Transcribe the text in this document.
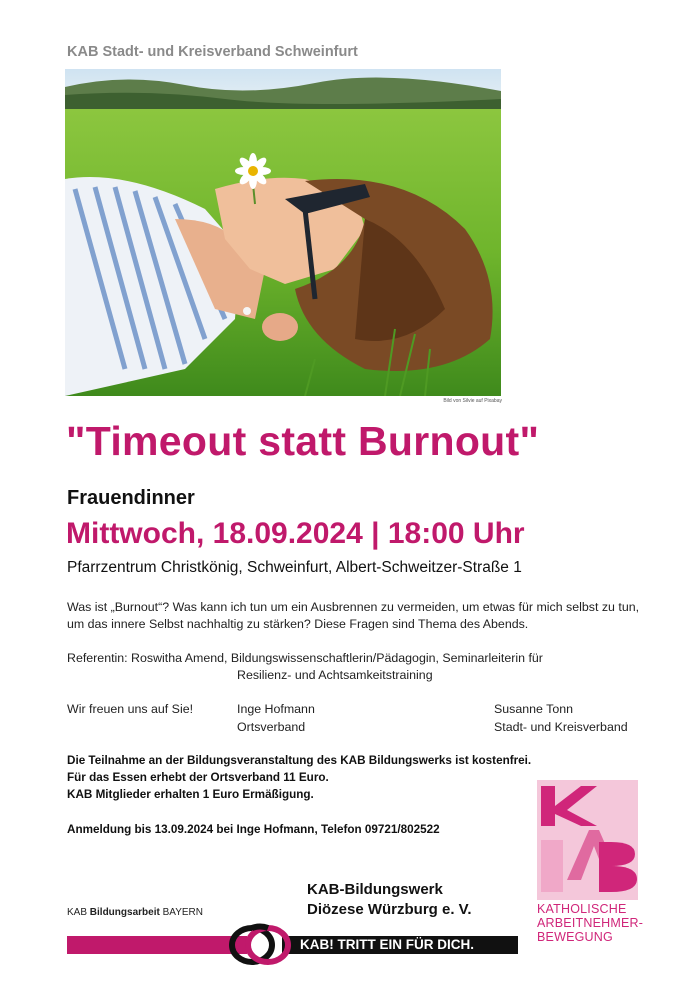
KAB Stadt- und Kreisverband Schweinfurt
Bild von Silvie auf Pixabay
"Timeout statt Burnout"
Frauendinner
Mittwoch, 18.09.2024 | 18:00 Uhr
Pfarrzentrum Christkönig, Schweinfurt, Albert-Schweitzer-Straße 1
Was ist „Burnout“? Was kann ich tun um ein Ausbrennen zu vermeiden, um etwas für mich selbst zu tun, um das innere Selbst nachhaltig zu stärken? Diese Fragen sind Thema des Abends.
Referentin: Roswitha Amend, Bildungswissenschaftlerin/Pädagogin, Seminarleiterin für
Resilienz- und Achtsamkeitstraining
Wir freuen uns auf Sie!	Inge Hofmann
Ortsverband
Susanne Tonn
Stadt- und Kreisverband
Die Teilnahme an der Bildungsveranstaltung des KAB Bildungswerks ist kostenfrei.
Für das Essen erhebt der Ortsverband 11 Euro.
KAB Mitglieder erhalten 1 Euro Ermäßigung.
Anmeldung bis 13.09.2024 bei Inge Hofmann, Telefon 09721/802522
KAB Bildungsarbeit BAYERN
KAB-Bildungswerk
Diözese Würzburg e. V.
KAB! TRITT EIN FÜR DICH.
KATHOLISCHE
ARBEITNEHMER-
BEWEGUNG
